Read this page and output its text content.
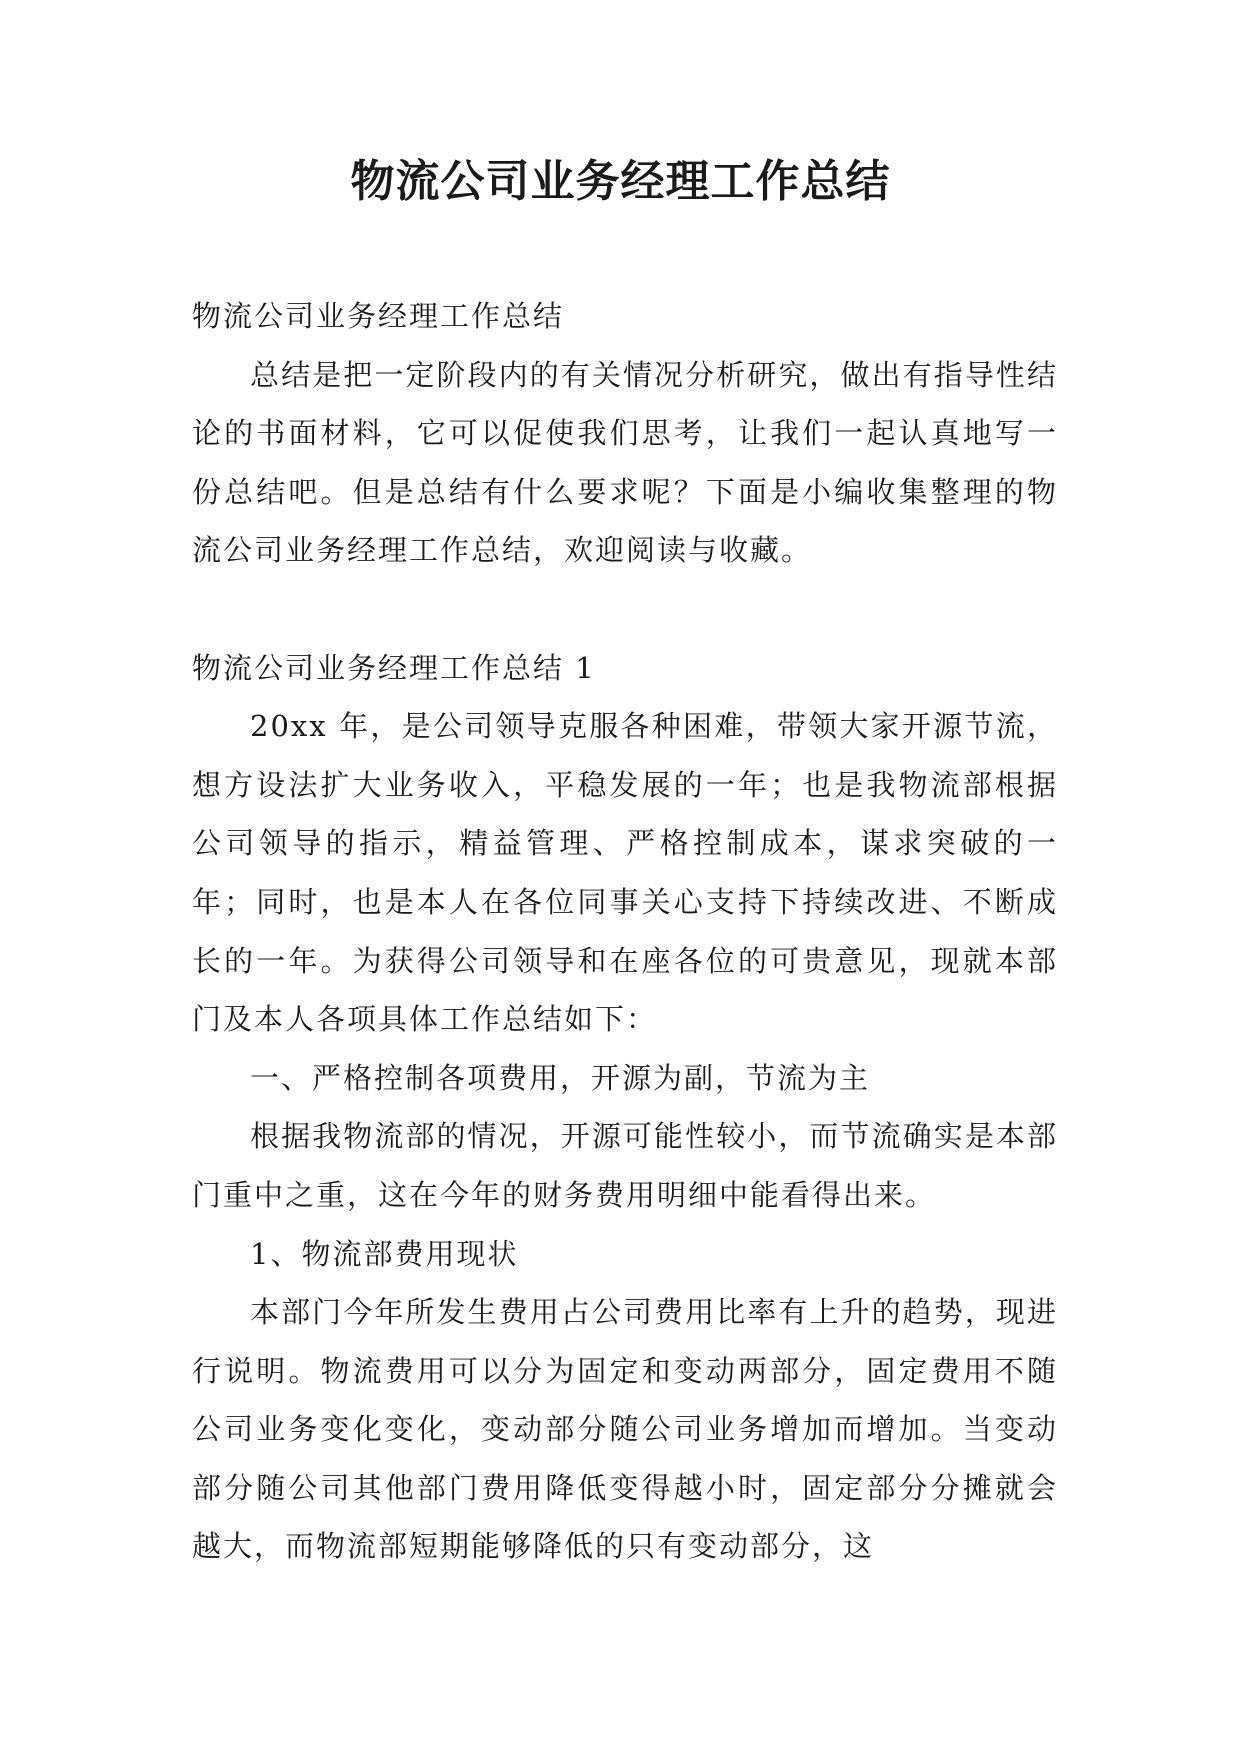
物流公司业务经理工作总结

物流公司业务经理工作总结

总结是把一定阶段内的有关情况分析研究，做出有指导性结论的书面材料，它可以促使我们思考，让我们一起认真地写一份总结吧。但是总结有什么要求呢？下面是小编收集整理的物流公司业务经理工作总结，欢迎阅读与收藏。

物流公司业务经理工作总结 1

20xx 年，是公司领导克服各种困难，带领大家开源节流，想方设法扩大业务收入，平稳发展的一年；也是我物流部根据公司领导的指示，精益管理、严格控制成本，谋求突破的一年；同时，也是本人在各位同事关心支持下持续改进、不断成长的一年。为获得公司领导和在座各位的可贵意见，现就本部门及本人各项具体工作总结如下：

一、严格控制各项费用，开源为副，节流为主

根据我物流部的情况，开源可能性较小，而节流确实是本部门重中之重，这在今年的财务费用明细中能看得出来。

1、物流部费用现状

本部门今年所发生费用占公司费用比率有上升的趋势，现进行说明。物流费用可以分为固定和变动两部分，固定费用不随公司业务变化变化，变动部分随公司业务增加而增加。当变动部分随公司其他部门费用降低变得越小时，固定部分分摊就会越大，而物流部短期能够降低的只有变动部分，这
